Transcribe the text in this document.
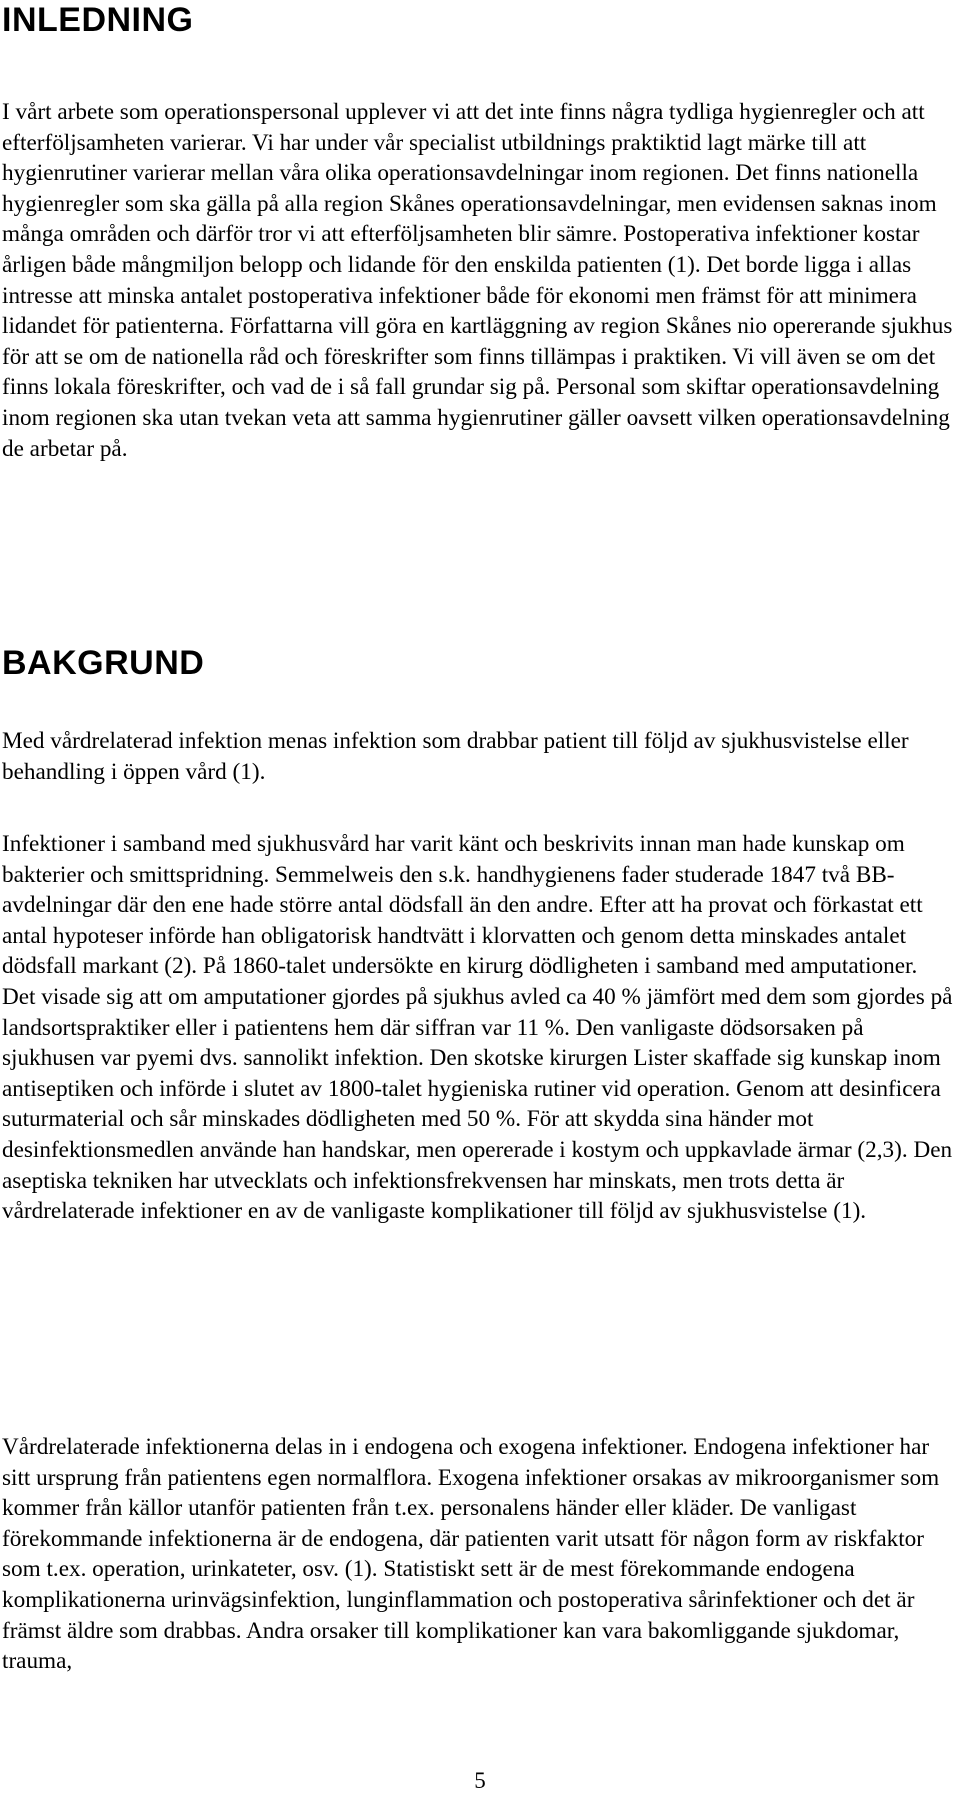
INLEDNING

I vårt arbete som operationspersonal upplever vi att det inte finns några tydliga hygienregler och att efterföljsamheten varierar. Vi har under vår specialist utbildnings praktiktid lagt märke till att hygienrutiner varierar mellan våra olika operationsavdelningar inom regionen. Det finns nationella hygienregler som ska gälla på alla region Skånes operationsavdelningar, men evidensen saknas inom många områden och därför tror vi att efterföljsamheten blir sämre. Postoperativa infektioner kostar årligen både mångmiljon belopp och lidande för den enskilda patienten (1). Det borde ligga i allas intresse att minska antalet postoperativa infektioner både för ekonomi men främst för att minimera lidandet för patienterna. Författarna vill göra en kartläggning av region Skånes nio opererande sjukhus för att se om de nationella råd och föreskrifter som finns tillämpas i praktiken. Vi vill även se om det finns lokala föreskrifter, och vad de i så fall grundar sig på. Personal som skiftar operationsavdelning inom regionen ska utan tvekan veta att samma hygienrutiner gäller oavsett vilken operationsavdelning de arbetar på.

BAKGRUND

Med vårdrelaterad infektion menas infektion som drabbar patient till följd av sjukhusvistelse eller behandling i öppen vård (1).

Infektioner i samband med sjukhusvård har varit känt och beskrivits innan man hade kunskap om bakterier och smittspridning. Semmelweis den s.k. handhygienens fader studerade 1847 två BB-avdelningar där den ene hade större antal dödsfall än den andre. Efter att ha provat och förkastat ett antal hypoteser införde han obligatorisk handtvätt i klorvatten och genom detta minskades antalet dödsfall markant (2). På 1860-talet undersökte en kirurg dödligheten i samband med amputationer. Det visade sig att om amputationer gjordes på sjukhus avled ca 40 % jämfört med dem som gjordes på landsortspraktiker eller i patientens hem där siffran var 11 %. Den vanligaste dödsorsaken på sjukhusen var pyemi dvs. sannolikt infektion. Den skotske kirurgen Lister skaffade sig kunskap inom antiseptiken och införde i slutet av 1800-talet hygieniska rutiner vid operation. Genom att desinficera suturmaterial och sår minskades dödligheten med 50 %. För att skydda sina händer mot desinfektionsmedlen använde han handskar, men opererade i kostym och uppkavlade ärmar (2,3). Den aseptiska tekniken har utvecklats och infektionsfrekvensen har minskats, men trots detta är vårdrelaterade infektioner en av de vanligaste komplikationer till följd av sjukhusvistelse (1).

Vårdrelaterade infektionerna delas in i endogena och exogena infektioner. Endogena infektioner har sitt ursprung från patientens egen normalflora. Exogena infektioner orsakas av mikroorganismer som kommer från källor utanför patienten från t.ex. personalens händer eller kläder. De vanligast förekommande infektionerna är de endogena, där patienten varit utsatt för någon form av riskfaktor som t.ex. operation, urinkateter, osv. (1). Statistiskt sett är de mest förekommande endogena komplikationerna urinvägsinfektion, lunginflammation och postoperativa sårinfektioner och det är främst äldre som drabbas. Andra orsaker till komplikationer kan vara bakomliggande sjukdomar, trauma,

5
